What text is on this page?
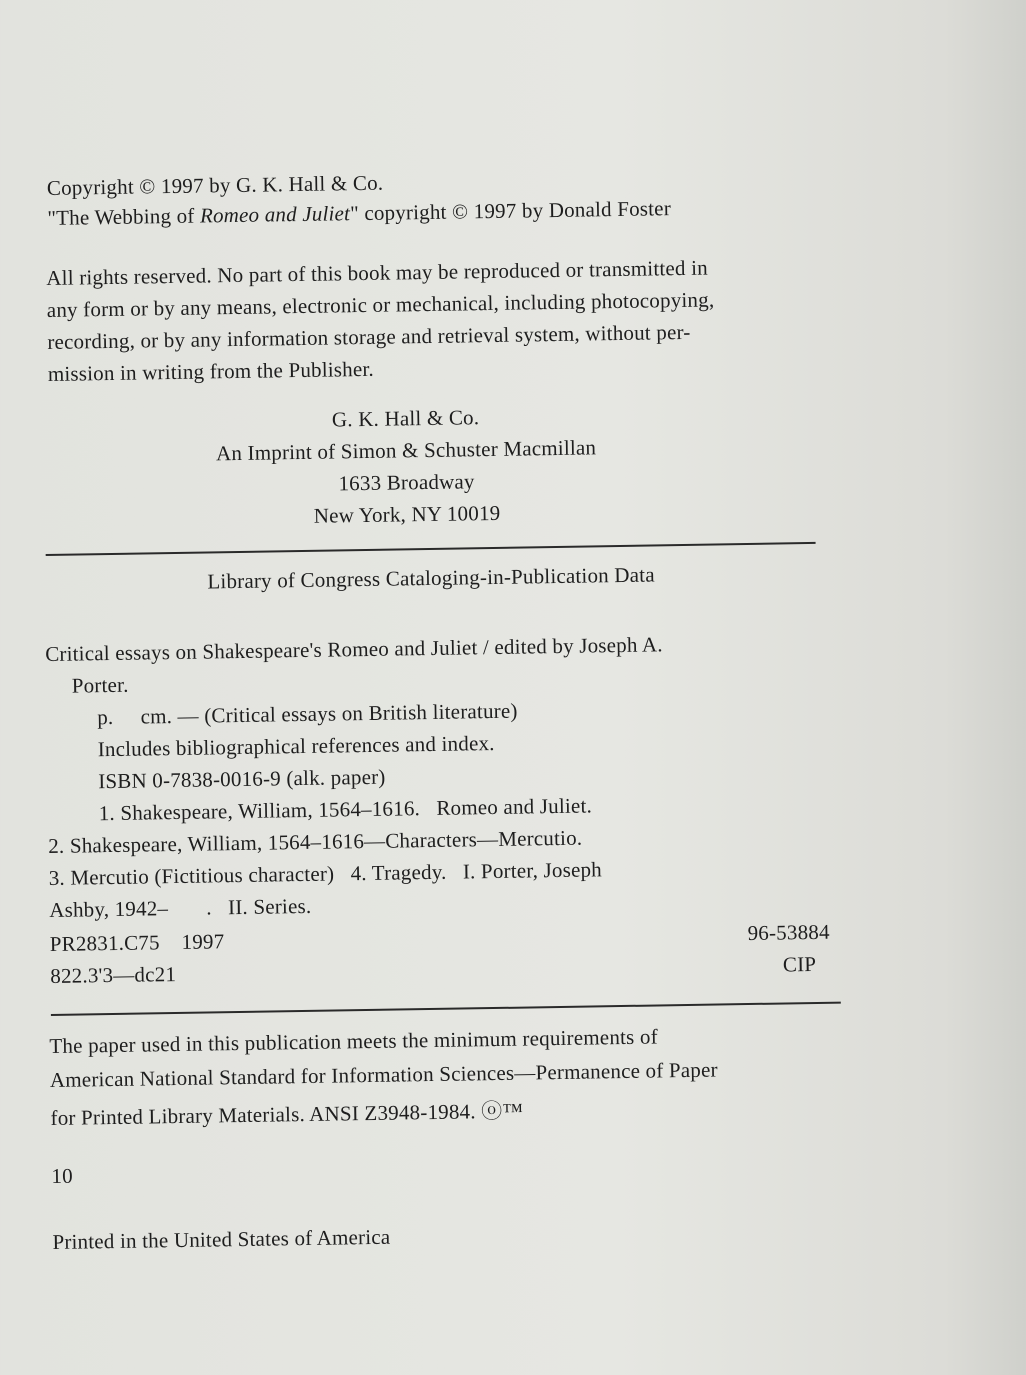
Copyright © 1997 by G. K. Hall & Co.
"The Webbing of Romeo and Juliet" copyright © 1997 by Donald Foster
All rights reserved. No part of this book may be reproduced or transmitted in
any form or by any means, electronic or mechanical, including photocopying,
recording, or by any information storage and retrieval system, without per-
mission in writing from the Publisher.
G. K. Hall & Co.
An Imprint of Simon & Schuster Macmillan
1633 Broadway
New York, NY 10019
Library of Congress Cataloging-in-Publication Data
Critical essays on Shakespeare's Romeo and Juliet / edited by Joseph A.
Porter.
p.     cm. — (Critical essays on British literature)
Includes bibliographical references and index.
ISBN 0-7838-0016-9 (alk. paper)
1. Shakespeare, William, 1564–1616.   Romeo and Juliet.
2. Shakespeare, William, 1564–1616—Characters—Mercutio.
3. Mercutio (Fictitious character)   4. Tragedy.   I. Porter, Joseph
Ashby, 1942–       .   II. Series.
PR2831.C75    1997
822.3'3—dc21
96-53884
CIP
The paper used in this publication meets the minimum requirements of
American National Standard for Information Sciences—Permanence of Paper
for Printed Library Materials. ANSI Z3948-1984. ⓞ™
10
Printed in the United States of America
